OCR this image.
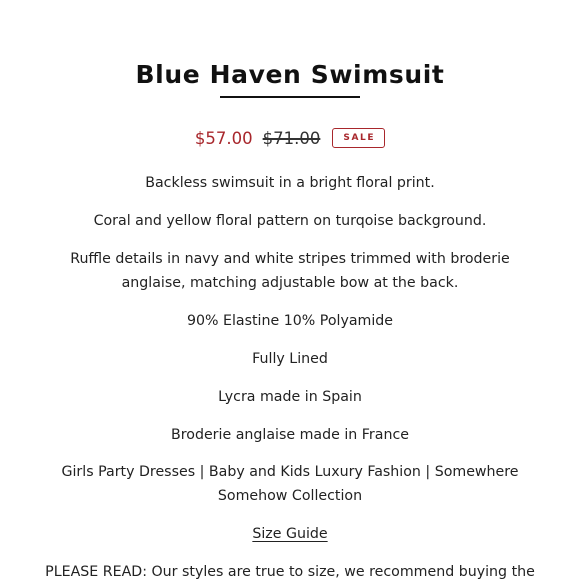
Blue Haven Swimsuit
$57.00 $71.00	SALE

Backless swimsuit in a bright floral print.

Coral and yellow floral pattern on turqoise background.

Ruffle details in navy and white stripes trimmed with broderie anglaise, matching adjustable bow at the back.

90% Elastine 10% Polyamide

Fully Lined

Lycra made in Spain

Broderie anglaise made in France

Girls Party Dresses | Baby and Kids Luxury Fashion | Somewhere Somehow Collection

Size Guide

PLEASE READ: Our styles are true to size, we recommend buying the
